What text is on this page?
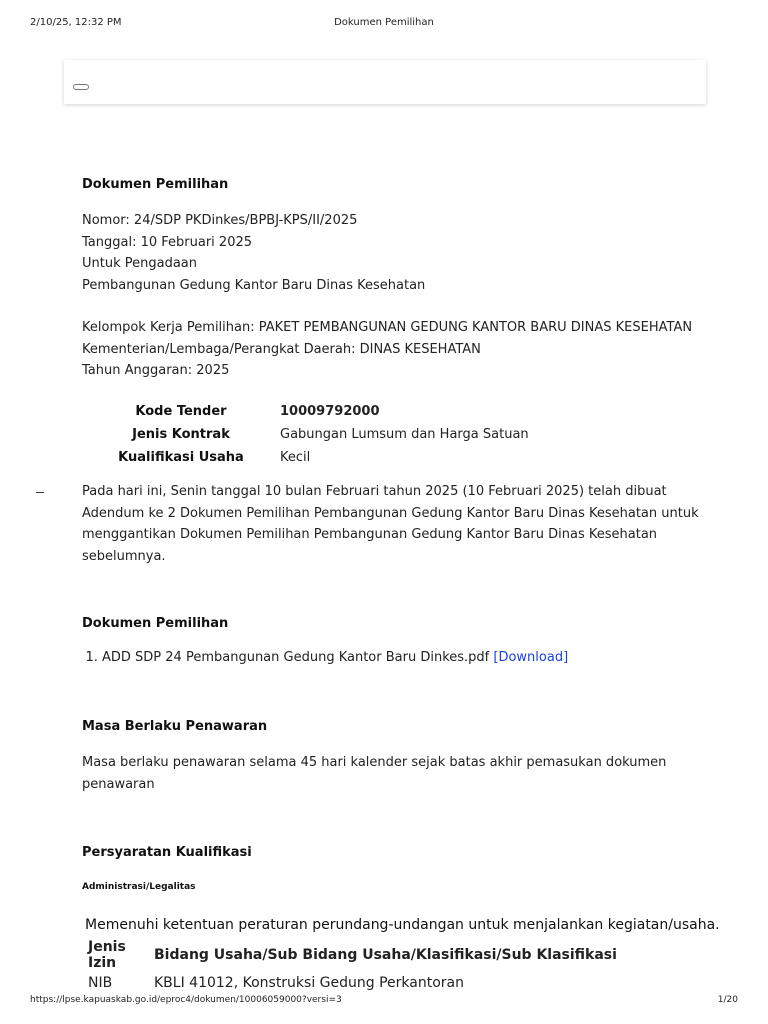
2/10/25, 12:32 PM	Dokumen Pemilihan
Dokumen Pemilihan
Nomor: 24/SDP PKDinkes/BPBJ-KPS/II/2025
Tanggal: 10 Februari 2025
Untuk Pengadaan
Pembangunan Gedung Kantor Baru Dinas Kesehatan
Kelompok Kerja Pemilihan: PAKET PEMBANGUNAN GEDUNG KANTOR BARU DINAS KESEHATAN
Kementerian/Lembaga/Perangkat Daerah: DINAS KESEHATAN
Tahun Anggaran: 2025
Kode Tender	10009792000
Jenis Kontrak	Gabungan Lumsum dan Harga Satuan
Kualifikasi Usaha	Kecil
Pada hari ini, Senin tanggal 10 bulan Februari tahun 2025 (10 Februari 2025) telah dibuat Adendum ke 2 Dokumen Pemilihan Pembangunan Gedung Kantor Baru Dinas Kesehatan untuk menggantikan Dokumen Pemilihan Pembangunan Gedung Kantor Baru Dinas Kesehatan sebelumnya.
Dokumen Pemilihan
1. ADD SDP 24 Pembangunan Gedung Kantor Baru Dinkes.pdf [Download]
Masa Berlaku Penawaran
Masa berlaku penawaran selama 45 hari kalender sejak batas akhir pemasukan dokumen penawaran
Persyaratan Kualifikasi
Administrasi/Legalitas
Memenuhi ketentuan peraturan perundang-undangan untuk menjalankan kegiatan/usaha.
Jenis Izin	Bidang Usaha/Sub Bidang Usaha/Klasifikasi/Sub Klasifikasi
NIB	KBLI 41012, Konstruksi Gedung Perkantoran
https://lpse.kapuaskab.go.id/eproc4/dokumen/10006059000?versi=3	1/20
